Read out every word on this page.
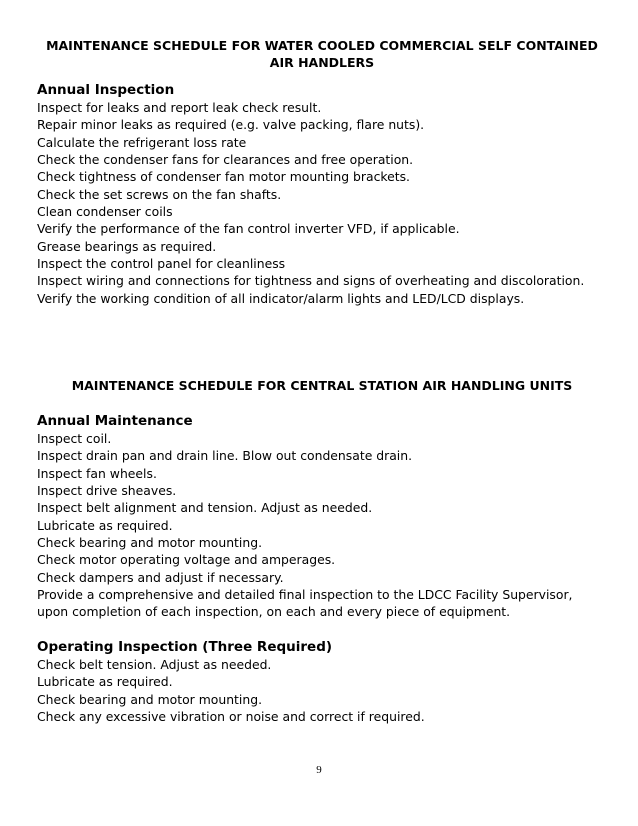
MAINTENANCE SCHEDULE FOR WATER COOLED COMMERCIAL SELF CONTAINED AIR HANDLERS
Annual Inspection
Inspect for leaks and report leak check result.
Repair minor leaks as required (e.g. valve packing, flare nuts).
Calculate the refrigerant loss rate
Check the condenser fans for clearances and free operation.
Check tightness of condenser fan motor mounting brackets.
Check the set screws on the fan shafts.
Clean condenser coils
Verify the performance of the fan control inverter VFD, if applicable.
Grease bearings as required.
Inspect the control panel for cleanliness
Inspect wiring and connections for tightness and signs of overheating and discoloration.
Verify the working condition of all indicator/alarm lights and LED/LCD displays.
MAINTENANCE SCHEDULE FOR CENTRAL STATION AIR HANDLING UNITS
Annual Maintenance
Inspect coil.
Inspect drain pan and drain line. Blow out condensate drain.
Inspect fan wheels.
Inspect drive sheaves.
Inspect belt alignment and tension. Adjust as needed.
Lubricate as required.
Check bearing and motor mounting.
Check motor operating voltage and amperages.
Check dampers and adjust if necessary.
Provide a comprehensive and detailed final inspection to the LDCC Facility Supervisor, upon completion of each inspection, on each and every piece of equipment.
Operating Inspection (Three Required)
Check belt tension. Adjust as needed.
Lubricate as required.
Check bearing and motor mounting.
Check any excessive vibration or noise and correct if required.
9
